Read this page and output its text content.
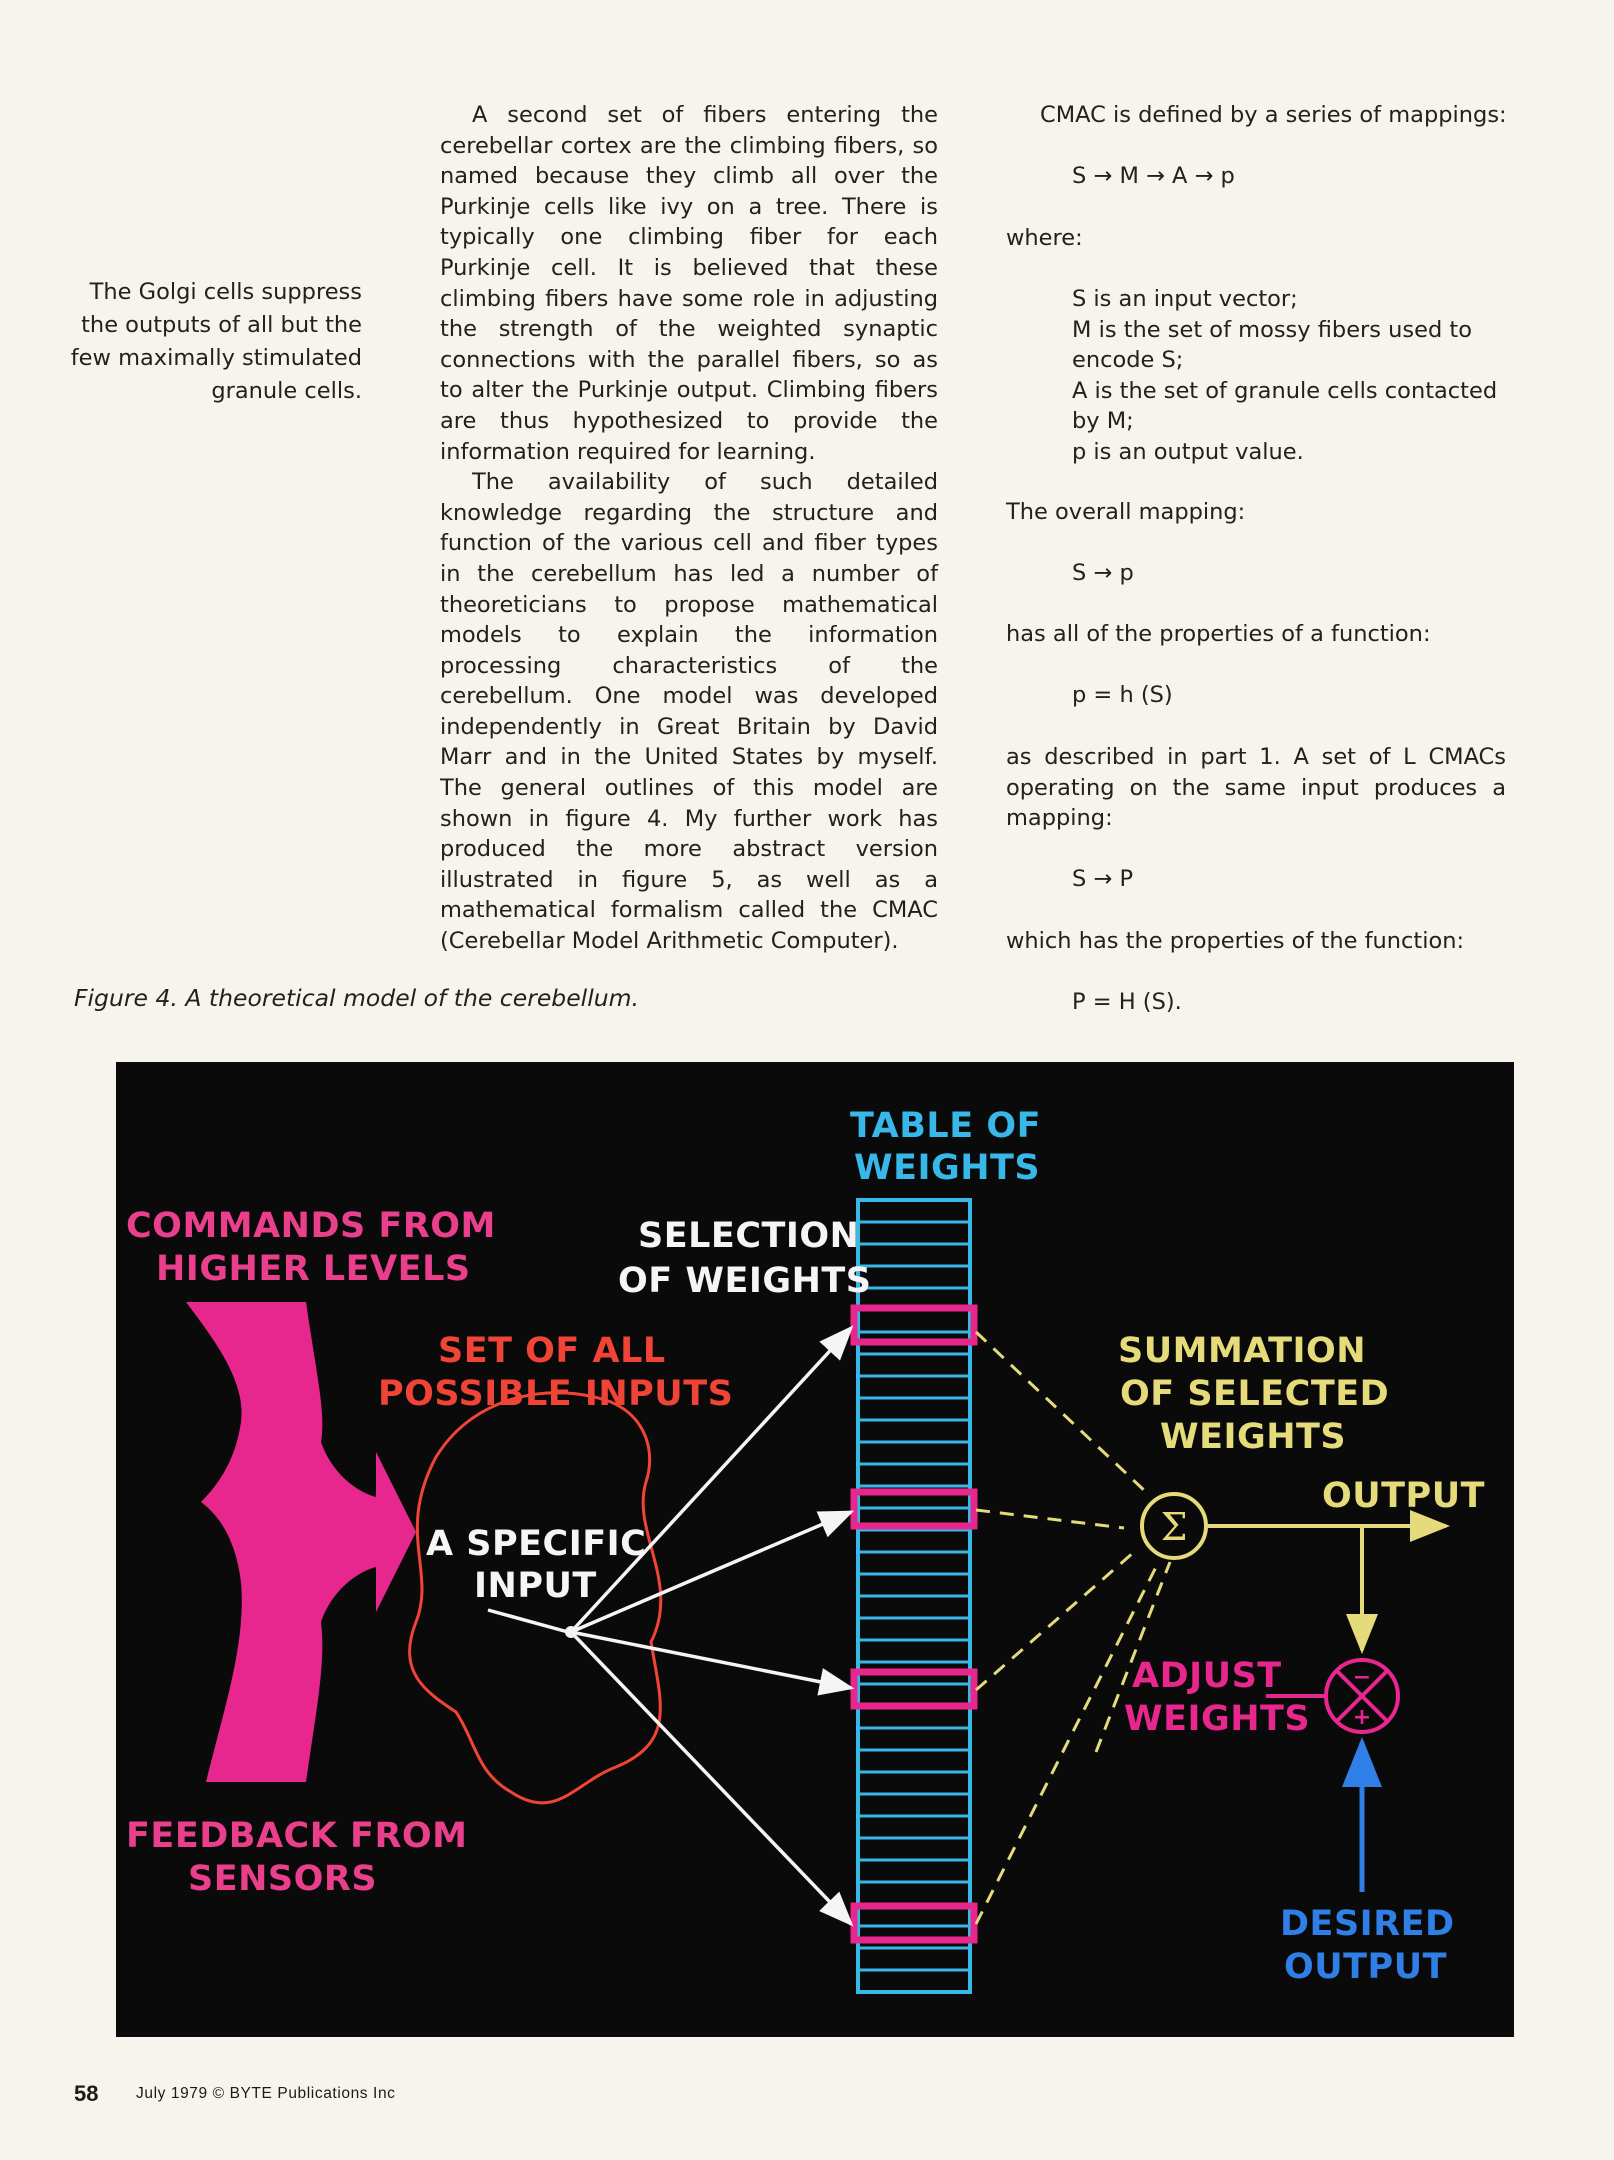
The Golgi cells suppress the outputs of all but the few maximally stimulated granule cells.

A second set of fibers entering the cerebellar cortex are the climbing fibers, so named because they climb all over the Purkinje cells like ivy on a tree. There is typically one climbing fiber for each Purkinje cell. It is believed that these climbing fibers have some role in adjusting the strength of the weighted synaptic connections with the parallel fibers, so as to alter the Purkinje output. Climbing fibers are thus hypothesized to provide the information required for learning.

The availability of such detailed knowledge regarding the structure and function of the various cell and fiber types in the cerebellum has led a number of theoreticians to propose mathematical models to explain the information processing characteristics of the cerebellum. One model was developed independently in Great Britain by David Marr and in the United States by myself. The general outlines of this model are shown in figure 4. My further work has produced the more abstract version illustrated in figure 5, as well as a mathematical formalism called the CMAC (Cerebellar Model Arithmetic Computer).

CMAC is defined by a series of mappings:
S → M → A → p
where:

S is an input vector;

M is the set of mossy fibers used to encode S;

A is the set of granule cells contacted by M;

p is an output value.

The overall mapping:
S → p
has all of the properties of a function:
p = h (S)
as described in part 1. A set of L CMACs operating on the same input produces a mapping:
S → P
which has the properties of the function:
P = H (S).
Figure 4. A theoretical model of the cerebellum.
Σ
−
+
TABLE OF
WEIGHTS
COMMANDS FROM
HIGHER LEVELS
SELECTION
OF WEIGHTS
SET OF ALL
POSSIBLE INPUTS
A SPECIFIC
INPUT
SUMMATION
OF SELECTED
WEIGHTS
OUTPUT
ADJUST
WEIGHTS
FEEDBACK FROM
SENSORS
DESIRED
OUTPUT
58 July 1979 © BYTE Publications Inc
